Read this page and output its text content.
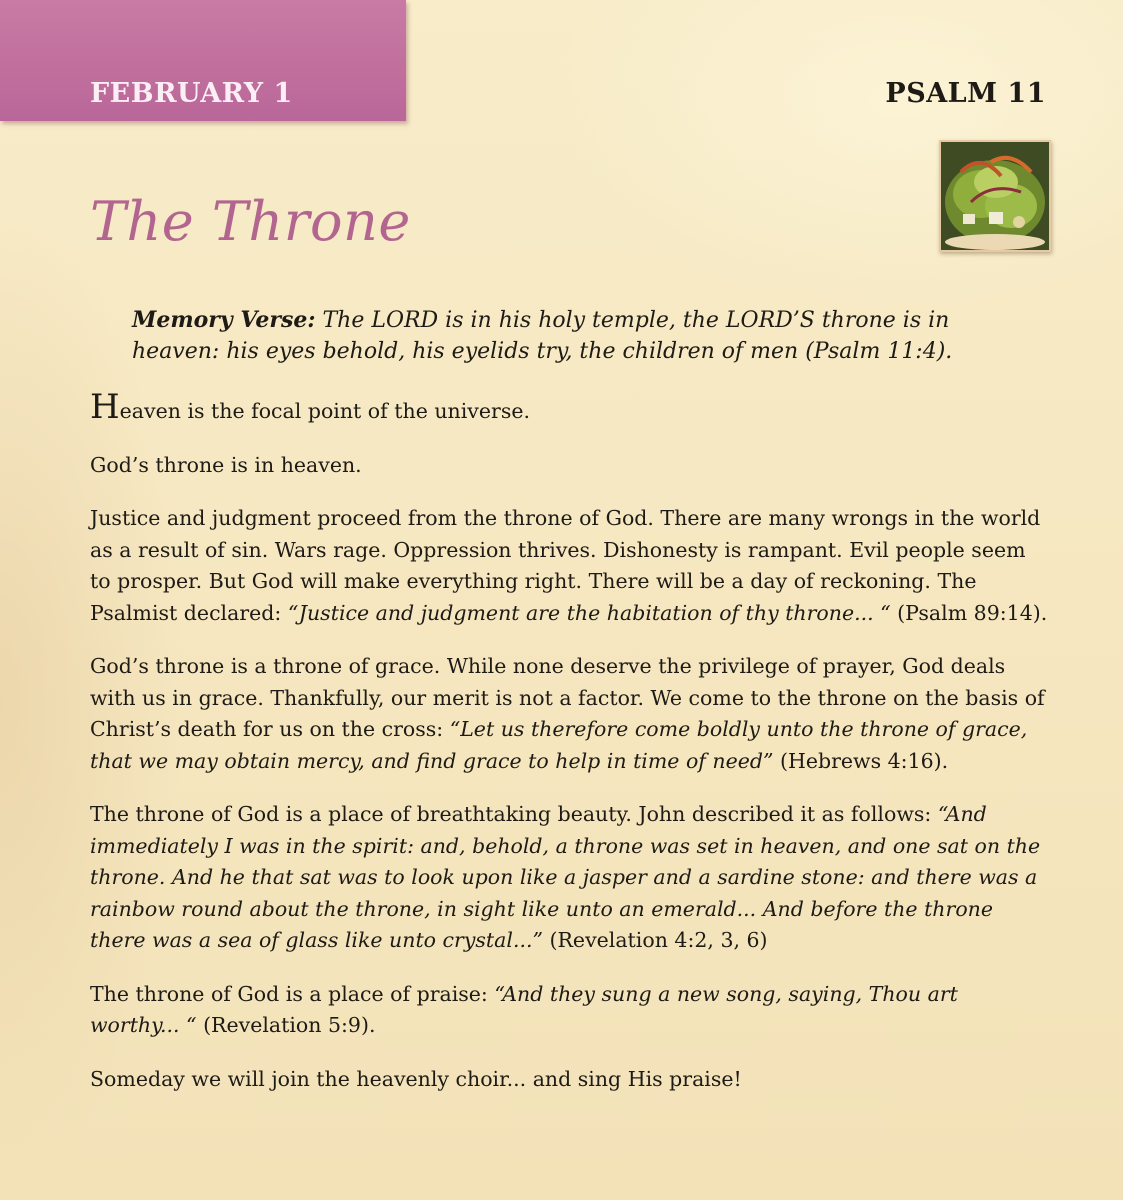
FEBRUARY 1	PSALM 11
The Throne
Memory Verse: The LORD is in his holy temple, the LORD’S throne is in heaven: his eyes behold, his eyelids try, the children of men (Psalm 11:4).

Heaven is the focal point of the universe.

God’s throne is in heaven.

Justice and judgment proceed from the throne of God. There are many wrongs in the world as a result of sin. Wars rage. Oppression thrives. Dishonesty is rampant. Evil people seem to prosper. But God will make everything right. There will be a day of reckoning. The Psalmist declared: “Justice and judgment are the habitation of thy throne... “ (Psalm 89:14).

God’s throne is a throne of grace. While none deserve the privilege of prayer, God deals with us in grace. Thankfully, our merit is not a factor. We come to the throne on the basis of Christ’s death for us on the cross: “Let us therefore come boldly unto the throne of grace, that we may obtain mercy, and find grace to help in time of need” (Hebrews 4:16).

The throne of God is a place of breathtaking beauty. John described it as follows: “And immediately I was in the spirit: and, behold, a throne was set in heaven, and one sat on the throne. And he that sat was to look upon like a jasper and a sardine stone: and there was a rainbow round about the throne, in sight like unto an emerald... And before the throne there was a sea of glass like unto crystal...” (Revelation 4:2, 3, 6)

The throne of God is a place of praise: “And they sung a new song, saying, Thou art worthy... “ (Revelation 5:9).

Someday we will join the heavenly choir... and sing His praise!
